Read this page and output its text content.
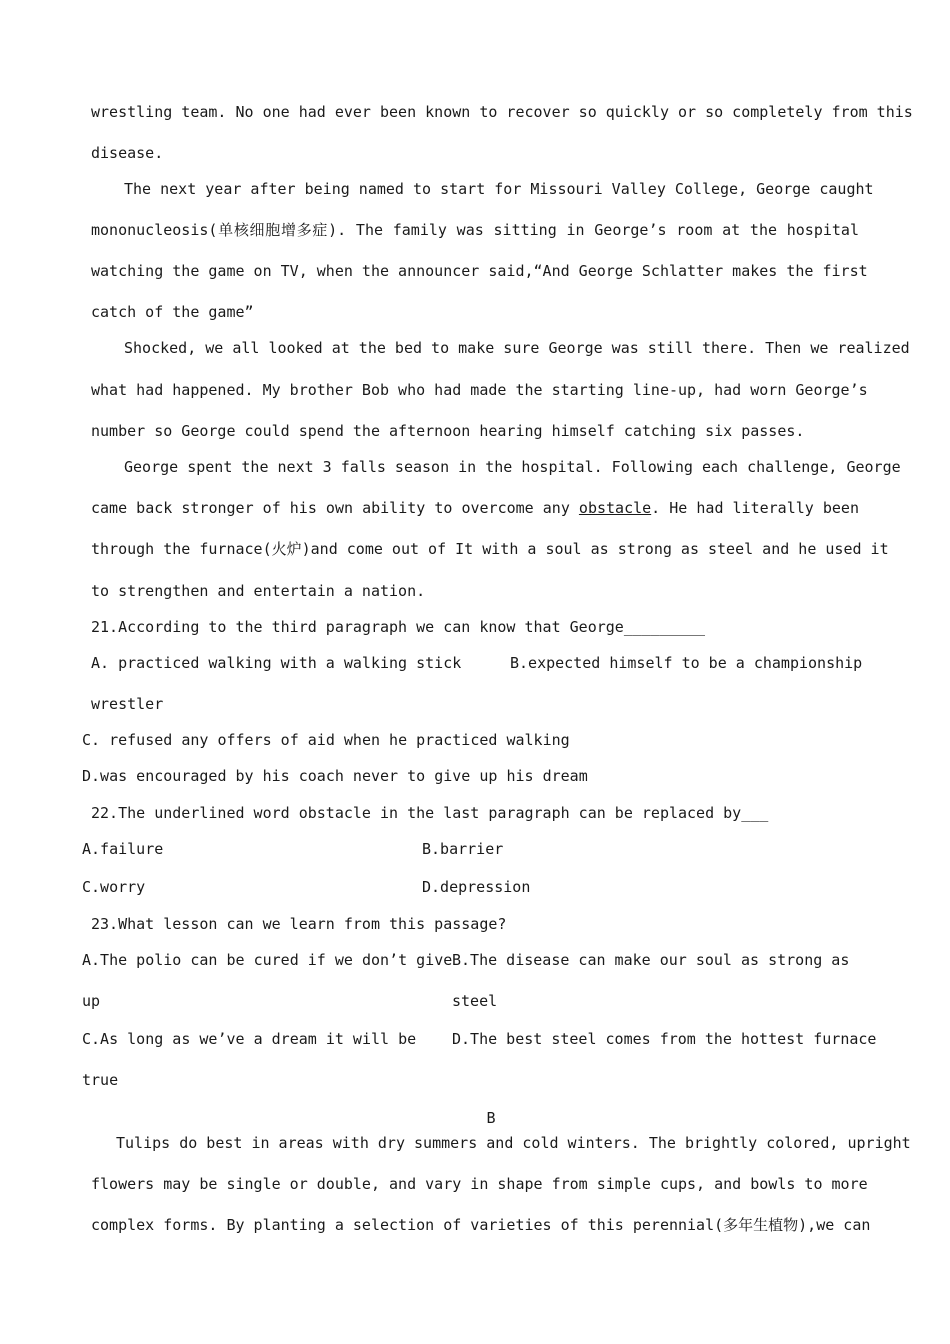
wrestling team. No one had ever been known to recover so quickly or so completely from this
disease.
The next year after being named to start for Missouri Valley College, George caught
mononucleosis(单核细胞增多症). The family was sitting in George’s room at the hospital
watching the game on TV, when the announcer said,“And George Schlatter makes the first
catch of the game”
Shocked, we all looked at the bed to make sure George was still there. Then we realized
what had happened. My brother Bob who had made the starting line-up, had worn George’s
number so George could spend the afternoon hearing himself catching six passes.
George spent the next 3 falls season in the hospital. Following each challenge, George
came back stronger of his own ability to overcome any obstacle. He had literally been
through the furnace(火炉)and come out of It with a soul as strong as steel and he used it
to strengthen and entertain a nation.
21.According to the third paragraph we can know that George_________
A. practiced walking with a walking stick	B.expected himself to be a championship
wrestler
C. refused any offers of aid when he practiced walking
D.was encouraged by his coach never to give up his dream
22.The underlined word obstacle in the last paragraph can be replaced by___
A.failure	B.barrier
C.worry	D.depression
23.What lesson can we learn from this passage?
A.The polio can be cured if we don’t give
up
B.The disease can make our soul as strong as
steel
C.As long as we’ve a dream it will be
true
D.The best steel comes from the hottest furnace
B
Tulips do best in areas with dry summers and cold winters. The brightly colored, upright
flowers may be single or double, and vary in shape from simple cups, and bowls to more
complex forms. By planting a selection of varieties of this perennial(多年生植物),we can
